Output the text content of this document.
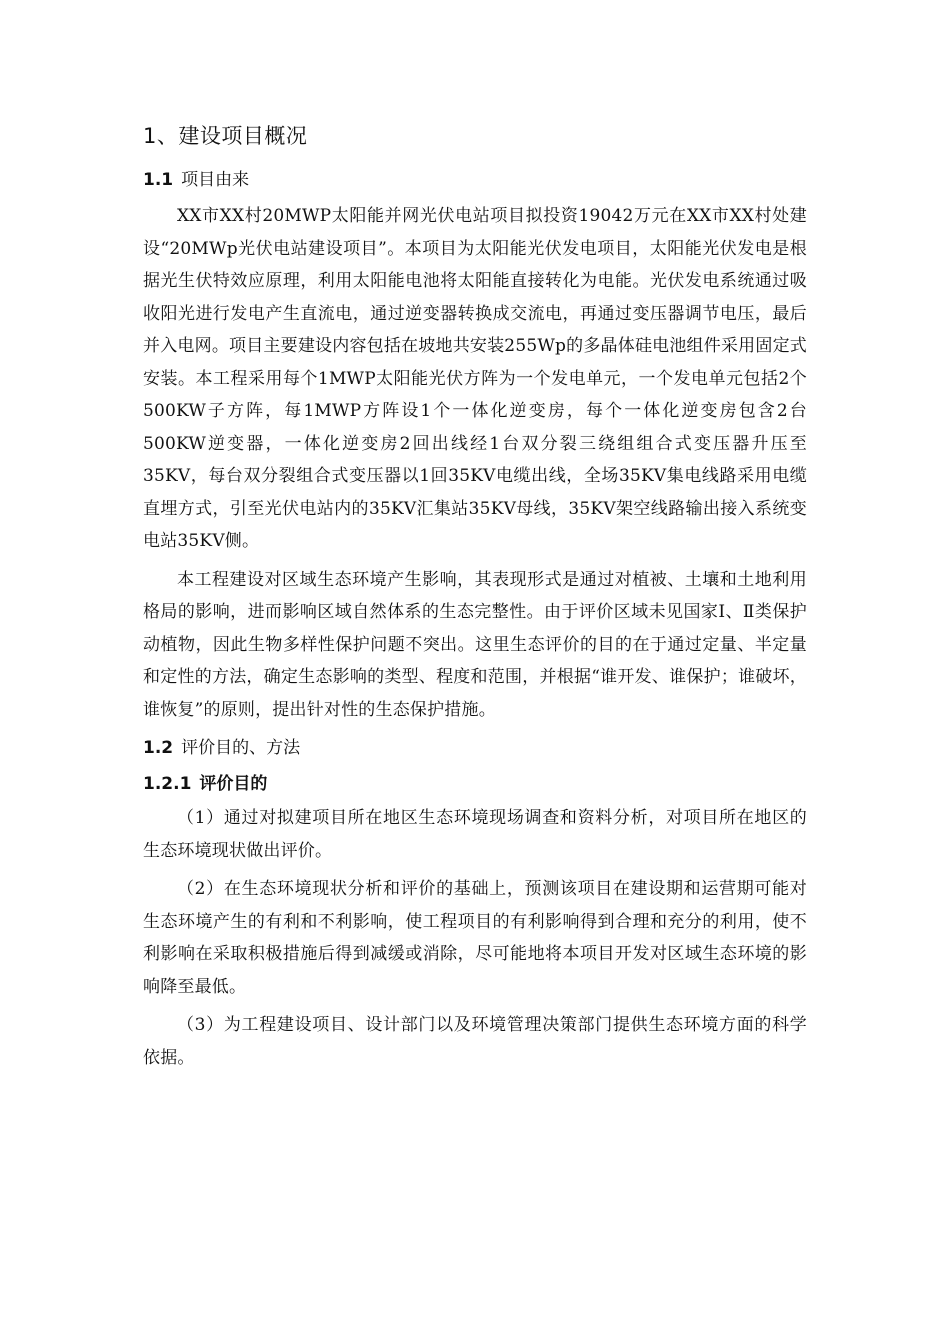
1、建设项目概况
1.1 项目由来

XX市XX村20MWP太阳能并网光伏电站项目拟投资19042万元在XX市XX村处建设“20MWp光伏电站建设项目”。本项目为太阳能光伏发电项目，太阳能光伏发电是根据光生伏特效应原理，利用太阳能电池将太阳能直接转化为电能。光伏发电系统通过吸收阳光进行发电产生直流电，通过逆变器转换成交流电，再通过变压器调节电压，最后并入电网。项目主要建设内容包括在坡地共安装255Wp的多晶体硅电池组件采用固定式安装。本工程采用每个1MWP太阳能光伏方阵为一个发电单元，一个发电单元包括2个500KW子方阵，每1MWP方阵设1个一体化逆变房，每个一体化逆变房包含2台500KW逆变器，一体化逆变房2回出线经1台双分裂三绕组组合式变压器升压至35KV，每台双分裂组合式变压器以1回35KV电缆出线，全场35KV集电线路采用电缆直埋方式，引至光伏电站内的35KV汇集站35KV母线，35KV架空线路输出接入系统变电站35KV侧。

本工程建设对区域生态环境产生影响，其表现形式是通过对植被、土壤和土地利用格局的影响，进而影响区域自然体系的生态完整性。由于评价区域未见国家Ⅰ、Ⅱ类保护动植物，因此生物多样性保护问题不突出。这里生态评价的目的在于通过定量、半定量和定性的方法，确定生态影响的类型、程度和范围，并根据“谁开发、谁保护；谁破坏，谁恢复”的原则，提出针对性的生态保护措施。

1.2 评价目的、方法
1.2.1 评价目的

（1）通过对拟建项目所在地区生态环境现场调查和资料分析，对项目所在地区的生态环境现状做出评价。

（2）在生态环境现状分析和评价的基础上，预测该项目在建设期和运营期可能对生态环境产生的有利和不利影响，使工程项目的有利影响得到合理和充分的利用，使不利影响在采取积极措施后得到减缓或消除，尽可能地将本项目开发对区域生态环境的影响降至最低。

（3）为工程建设项目、设计部门以及环境管理决策部门提供生态环境方面的科学依据。
